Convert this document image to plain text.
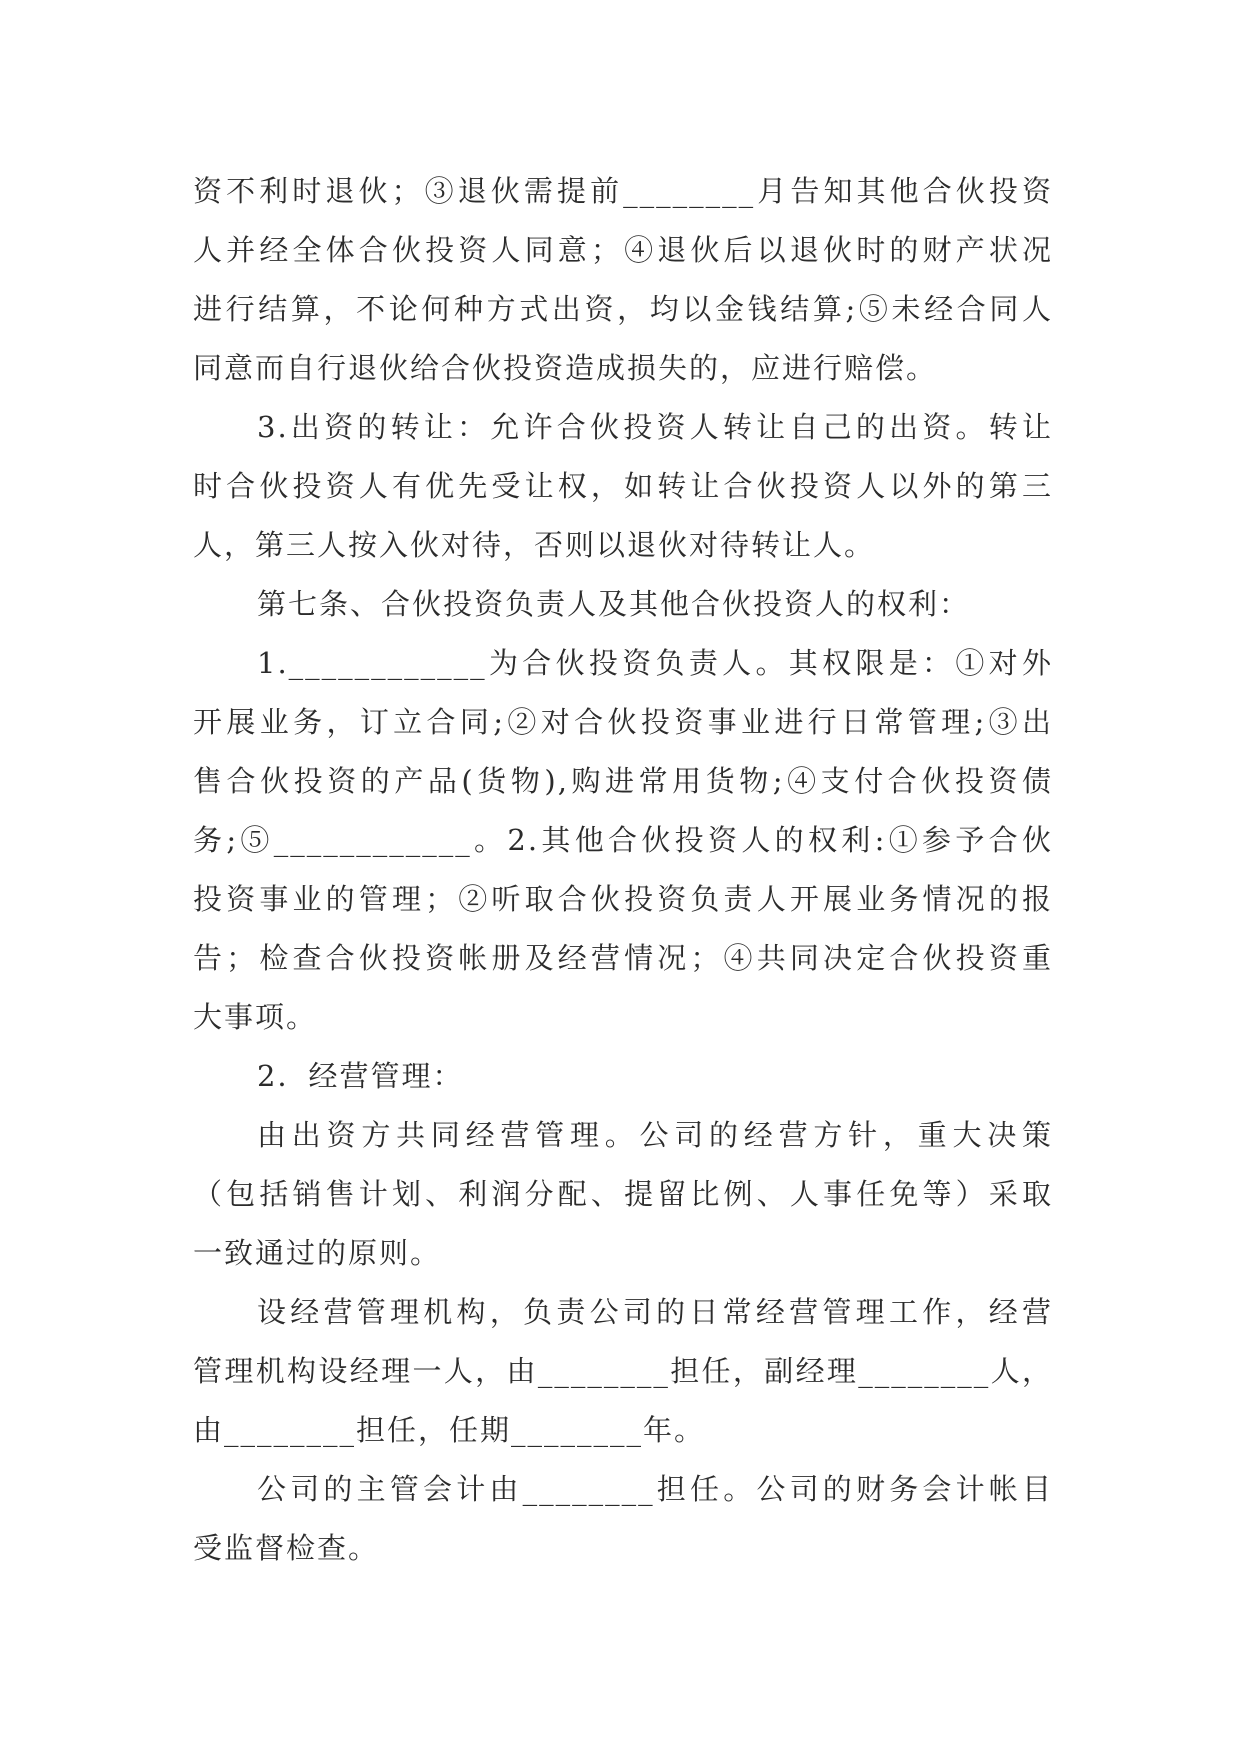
资不利时退伙；③退伙需提前________月告知其他合伙投资
人并经全体合伙投资人同意；④退伙后以退伙时的财产状况
进行结算，不论何种方式出资，均以金钱结算;⑤未经合同人
同意而自行退伙给合伙投资造成损失的，应进行赔偿。
3.出资的转让：允许合伙投资人转让自己的出资。转让
时合伙投资人有优先受让权，如转让合伙投资人以外的第三
人，第三人按入伙对待，否则以退伙对待转让人。
第七条、合伙投资负责人及其他合伙投资人的权利：
1.____________为合伙投资负责人。其权限是：①对外
开展业务，订立合同;②对合伙投资事业进行日常管理;③出
售合伙投资的产品(货物),购进常用货物;④支付合伙投资债
务;⑤____________。2.其他合伙投资人的权利:①参予合伙
投资事业的管理；②听取合伙投资负责人开展业务情况的报
告；检查合伙投资帐册及经营情况；④共同决定合伙投资重
大事项。
2．经营管理：
由出资方共同经营管理。公司的经营方针，重大决策
（包括销售计划、利润分配、提留比例、人事任免等）采取
一致通过的原则。
设经营管理机构，负责公司的日常经营管理工作，经营
管理机构设经理一人，由________担任，副经理________人，
由________担任，任期________年。
公司的主管会计由________担任。公司的财务会计帐目
受监督检查。
